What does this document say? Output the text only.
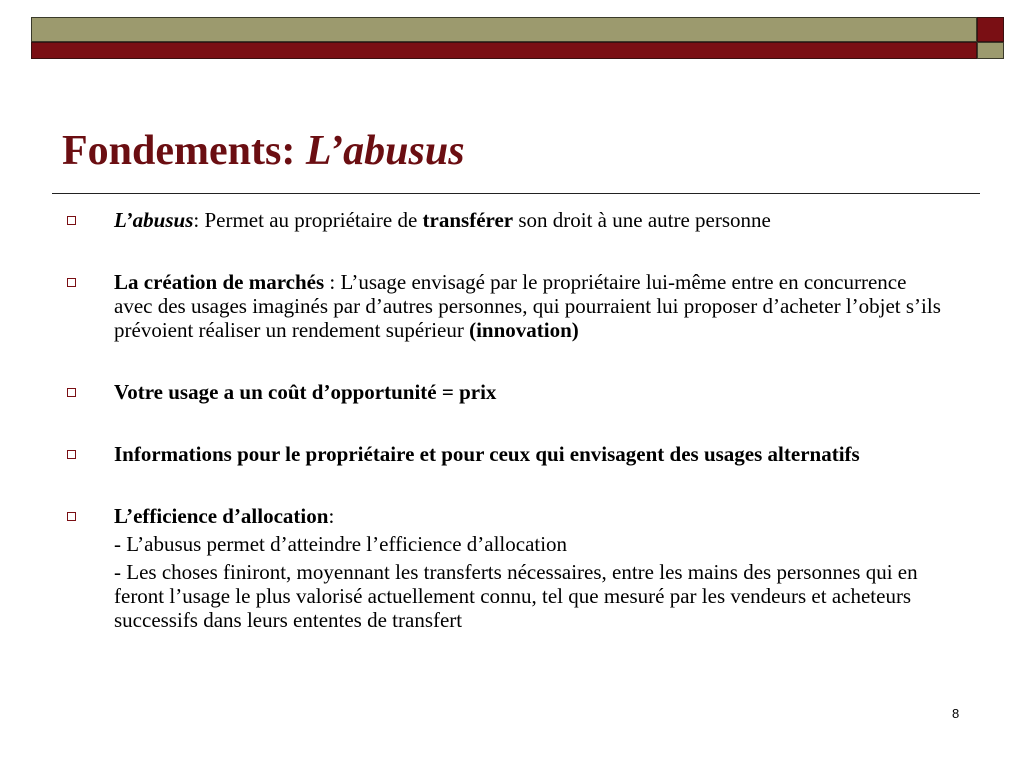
Fondements: L’abusus
L’abusus: Permet au propriétaire de transférer son droit à une autre personne
La création de marchés : L’usage envisagé par le propriétaire lui-même entre en concurrence avec des usages imaginés par d’autres personnes, qui pourraient lui proposer d’acheter l’objet s’ils prévoient réaliser un rendement supérieur (innovation)
Votre usage a un coût d’opportunité = prix
Informations pour le propriétaire et pour ceux qui envisagent des usages alternatifs
L’efficience d’allocation:
- L’abusus permet d’atteindre l’efficience d’allocation
- Les choses finiront, moyennant les transferts nécessaires, entre les mains des personnes qui en feront l’usage le plus valorisé actuellement connu, tel que mesuré par les vendeurs et acheteurs successifs dans leurs ententes de transfert
8
